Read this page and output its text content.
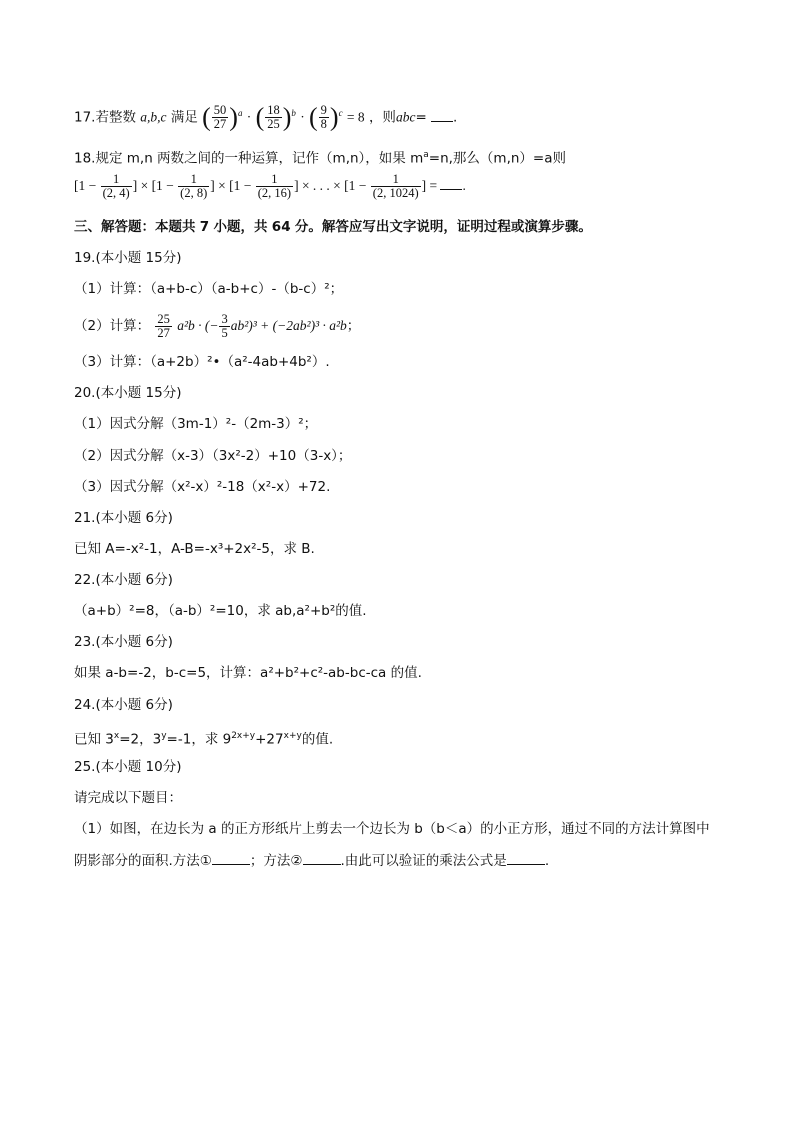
17.若整数 a,b,c 满足 ( $\frac{50}{27} )^a$ · ( $\frac{18}{25} )^b$ · ( $\frac{9}{8} )^c = 8$ ，则abc= .
18.规定 m,n 两数之间的一种运算，记作（m,n），如果 $m^a=n$,那么（m,n）=a则
[$1 - \frac{1}{(2, 4)}$ ] × [$1 - \frac{1}{(2, 8)}$ ] × [$1 - \frac{1}{(2, 16)}$ ] × . . . × [$1 - \frac{1}{(2, 1024)}$ ] = .
三、解答题：本题共 7 小题，共 64 分。解答应写出文字说明，证明过程或演算步骤。
19.(本小题 15分)
（1）计算：（a+b-c）（a-b+c）-（b-c）²；
（2）计算： $\frac{25}{27} a^2b$ · (− $\frac{3}{5} ab^2)^3 + (-2ab^2)^3 \cdot a^2b$；
（3）计算：（a+2b）²•（a²-4ab+4b²）.
20.(本小题 15分)
（1）因式分解（3m-1）²-（2m-3）²；
（2）因式分解（x-3）（3x²-2）+10（3-x）；
（3）因式分解（x²-x）²-18（x²-x）+72.
21.(本小题 6分)
已知 A=-x²-1，A-B=-x³+2x²-5，求 B.
22.(本小题 6分)
（a+b）²=8，（a-b）²=10，求 ab,a²+b²的值.
23.(本小题 6分)
如果 a-b=-2，b-c=5，计算：a²+b²+c²-ab-bc-ca 的值.
24.(本小题 6分)
已知 $3^x=2$，$3^y=-1$，求 $9^{2x+y}+27^{x+y}$的值.
25.(本小题 10分)
请完成以下题目：
（1）如图，在边长为 a 的正方形纸片上剪去一个边长为 b（b＜a）的小正方形，通过不同的方法计算图中
阴影部分的面积.方法①	；方法②	.由此可以验证的乘法公式是	.
